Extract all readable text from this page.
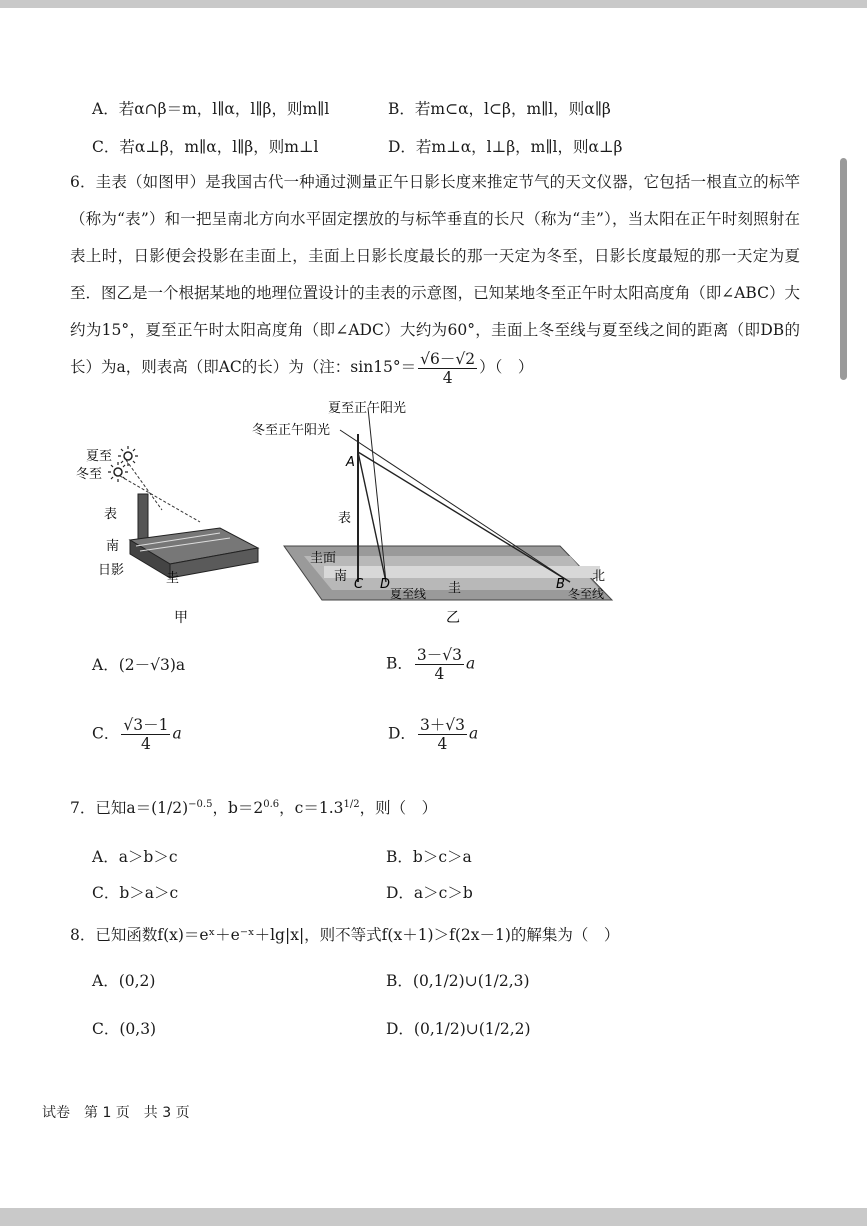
A．若α∩β＝m，l∥α，l∥β，则m∥l	B．若m⊂α，l⊂β，m∥l，则α∥β
C．若α⊥β，m∥α，l∥β，则m⊥l	D．若m⊥α，l⊥β，m∥l，则α⊥β
6．圭表（如图甲）是我国古代一种通过测量正午日影长度来推定节气的天文仪器，它包括一根直立的标竿（称为“表”）和一把呈南北方向水平固定摆放的与标竿垂直的长尺（称为“圭”），当太阳在正午时刻照射在表上时，日影便会投影在圭面上，圭面上日影长度最长的那一天定为冬至，日影长度最短的那一天定为夏至．图乙是一个根据某地的地理位置设计的圭表的示意图，已知某地冬至正午时太阳高度角（即∠ABC）大约为15°，夏至正午时太阳高度角（即∠ADC）大约为60°，圭面上冬至线与夏至线之间的距离（即DB的长）为a，则表高（即AC的长）为（注：$\sin 15^\circ= \frac{√6-√2}{4}$ ）（　）
夏至
冬至
表
南
日影
圭
甲
夏至正午阳光
冬至正午阳光
A
表
圭面
南
C D
夏至线 圭	B
北
冬至线
乙
A．(2－√3)a	B． $\frac{3-√3}{4}$ a
C． $\frac{√3-1}{4}$ a	D． $\frac{3+√3}{4}$ a
7．已知$a=(1/2)^{-0.5}$，$b=2^{0.6}$，$c=1.3^{1/2}$，则（　）
A．a＞b＞c	B．b＞c＞a
C．b＞a＞c	D．a＞c＞b
8．已知函数f(x)＝eˣ＋e⁻ˣ＋lg|x|，则不等式f(x＋1)＞f(2x－1)的解集为（　）
A．(0,2)	B．(0,1/2)∪(1/2,3)
C．(0,3)	D．(0,1/2)∪(1/2,2)
试卷　第 1 页　共 3 页
